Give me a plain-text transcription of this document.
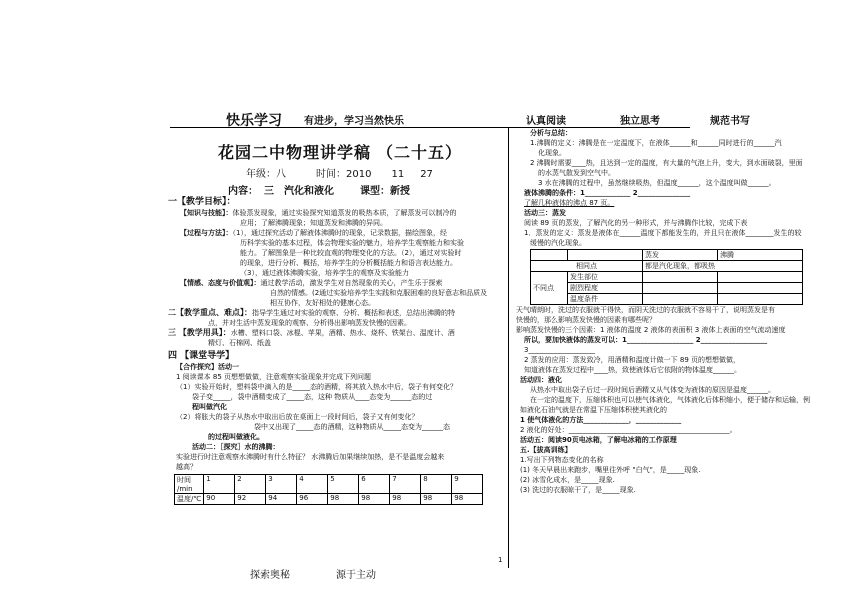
快乐学习 有进步，学习当然快乐	认真阅读	独立思考	规范书写
花园二中物理讲学稿 （二十五）
年级：八	时间：2010 11 27
内容： 三 汽化和液化	课型：新授
一【教学目标】：
【知识与技能】：体验蒸发现象，通过实验探究知道蒸发的吸热本质，了解蒸发可以制冷的
应用；了解沸腾现象；知道蒸发和沸腾的异同。
【过程与方法】：（1），通过探究活动了解液体沸腾时的现象，记录数据，描绘图象，经
历科学实验的基本过程，体会物理实验的魅力，培养学生观察能力和实验
能力。了解图象是一种比较直观的物理变化的方法。（2），通过对实验时
的现象，进行分析、概括，培养学生的分析概括能力和语言表达能力。
（3），通过液体沸腾实验，培养学生的观察及实验能力
【情感、态度与价值观】：通过教学活动，激发学生对自然现象的关心，产生乐于探索
自然的情感。(2通过实验培养学生实践和克服困难的良好意志和品质及
相互协作，友好相处的健康心态。
二【教学重点、难点】：指导学生通过对实验的观察、分析、概括和表述，总结出沸腾的特
点，并对生活中蒸发现象的观察、分析得出影响蒸发快慢的因素。
三 【教学用具】：水槽、塑料口袋、冰棍、苹果，酒精、热水、烧杯、铁架台、温度计、酒
精灯、石棉网、纸盖
四 【课堂导学】
【合作探究】活动一
1 阅读课本 85 页想想做做，注意观察实验现象并完成下列问题
（1）实验开始时，塑料袋中滴入的是_____态的酒精，将其放入热水中后，袋子有何变化？
袋子变_____，袋中酒精变成了_____态，这种 物质从____态变为______态的过
程叫做汽化
（2）将胀大的袋子从热水中取出后放在桌面上一段时间后，袋子又有何变化？
袋中又出现了_____态的酒精，这种物质从_____态变为______态
的过程叫做液化。
活动二：［探究］水的沸腾：
实验进行时注意观察水沸腾时有什么特征？ 水沸腾后加果继续加热，是不是温度会越来
越高？
时间
/min	1	2	3	4	5	6	7	8	9
温度/℃	90	92	94	96	98	98	98	98	98
分析与总结：
1.沸腾的定义：沸腾是在一定温度下，在液体______和______同时进行的______汽
化现象。
2 沸腾时需要____热，且达到一定的温度，有大量的气泡上升，变大，到水面破裂，里面
的水蒸气散发到空气中。
3 水在沸腾的过程中，虽然继续吸热，但温度______，这个温度叫做______。
液体沸腾的条件：1_____________ 2_______________
了解几种液体的沸点 87 页。
活动三：蒸发
阅读 89 页的蒸发，了解汽化的另一种形式，并与沸腾作比较，完成下表
1．蒸发的定义：蒸发是液体在______温度下都能发生的，并且只在液体________发生的较
缓慢的汽化现象。
		蒸发	沸腾
相同点		都是汽化现象，都吸热	
不同点	发生部位		
	剧烈程度		
	温度条件		
天气晴朗时，洗过的衣服就干得快，而阴天洗过的衣服就不容易干了，说明蒸发是有
快慢的，那么影响蒸发快慢的因素有哪些呢？
影响蒸发快慢的三个因素：1 液体的温度 2 液体的表面积 3 液体上表面的空气流动速度
所以，要加快液体的蒸发可以：1___________________ 2___________________
3___________________
2 蒸发的应用：蒸发致冷，用酒精和温度计做一下 89 页的想想做做，
知道液体在蒸发过程中____热，致使液体后它依附的物体温度______。
活动四：液化
从热水中取出袋子后过一段时间后酒精又从气体变为液体的原因是温度______。
在一定的温度下，压缩体积也可以使气体液化，气体液化后体积缩小，便于储存和运输，例
如液化石油气就是在常温下压缩体积使其液化的
1 使气体液化的方法_____________，_____________
2 液化的好处：______________________________________________。
活动五：阅读90页电冰箱，了解电冰箱的工作原理
五.【拔高训练】
1.写出下列物态变化的名称
(1) 冬天早晨出来跑步，嘴里往外呼 "白气"，是_____现象.
(2) 冰雪化成水，是_____现象.
(3) 洗过的衣服晾干了，是_____现象.
1
探索奥秘	源于主动
